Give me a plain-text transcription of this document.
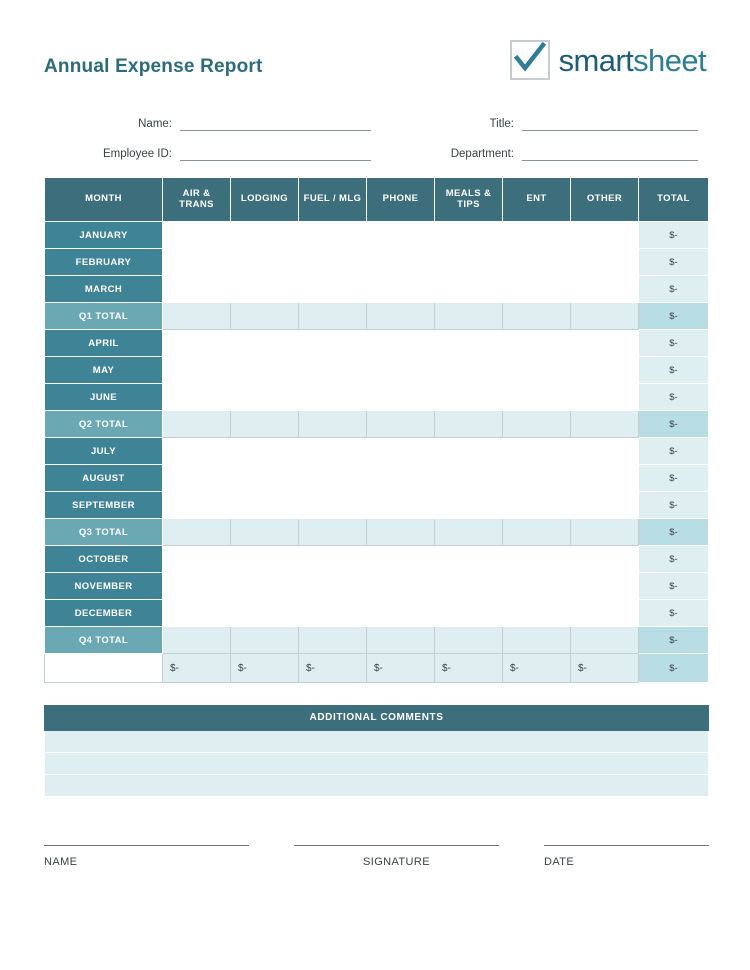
Annual Expense Report	smartsheet
Name:	Title:
Employee ID:	Department:
MONTH	AIR & TRANS	LODGING	FUEL / MLG	PHONE	MEALS & TIPS	ENT	OTHER	TOTAL
JANUARY								$-
FEBRUARY								$-
MARCH								$-
Q1 TOTAL								$-
APRIL								$-
MAY								$-
JUNE								$-
Q2 TOTAL								$-
JULY								$-
AUGUST								$-
SEPTEMBER								$-
Q3 TOTAL								$-
OCTOBER								$-
NOVEMBER								$-
DECEMBER								$-
Q4 TOTAL								$-
	$-	$-	$-	$-	$-	$-	$-	$-
ADDITIONAL COMMENTS
NAME	SIGNATURE	DATE
